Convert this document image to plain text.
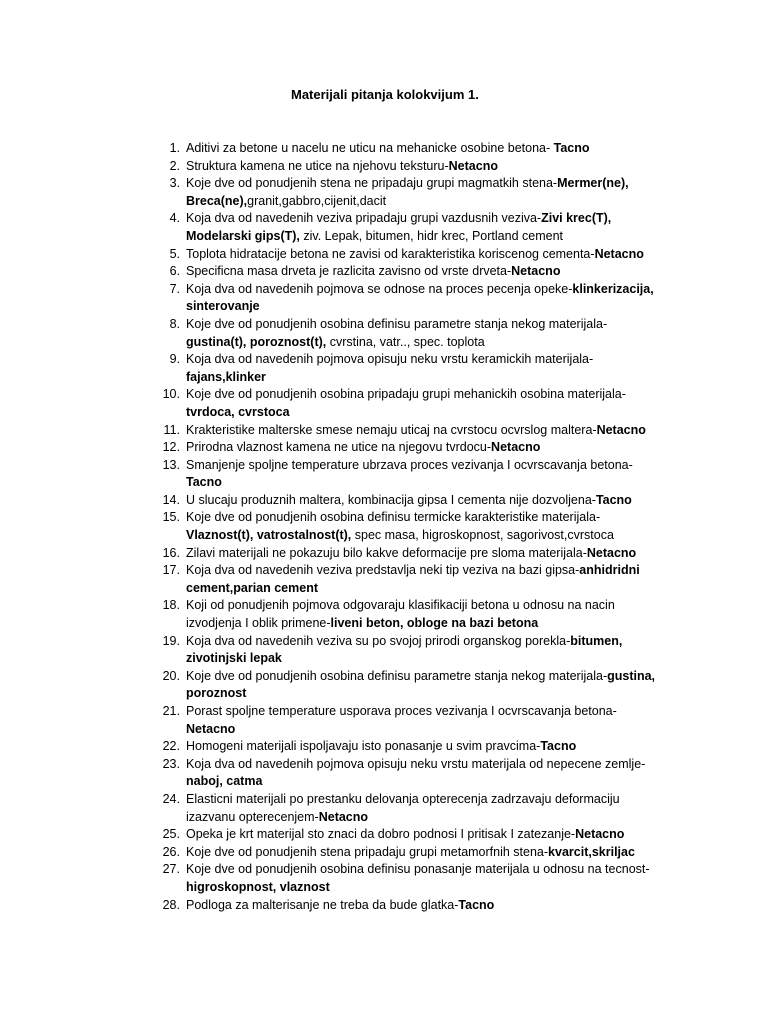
Materijali pitanja kolokvijum 1.
1. Aditivi za betone u nacelu ne uticu na mehanicke osobine betona- Tacno
2. Struktura kamena ne utice na njehovu teksturu-Netacno
3. Koje dve od ponudjenih stena ne pripadaju grupi magmatkih stena-Mermer(ne),
Breca(ne),granit,gabbro,cijenit,dacit
4. Koja dva od navedenih veziva pripadaju grupi vazdusnih veziva-Zivi krec(T),
Modelarski gips(T), ziv. Lepak, bitumen, hidr krec, Portland cement
5. Toplota hidratacije betona ne zavisi od karakteristika koriscenog cementa-Netacno
6. Specificna masa drveta je razlicita zavisno od vrste drveta-Netacno
7. Koja dva od navedenih pojmova se odnose na proces pecenja opeke-klinkerizacija,
sinterovanje
8. Koje dve od ponudjenih osobina definisu parametre stanja nekog materijala-
gustina(t), poroznost(t), cvrstina, vatr.., spec. toplota
9. Koja dva od navedenih pojmova opisuju neku vrstu keramickih materijala-
fajans,klinker
10. Koje dve od ponudjenih osobina pripadaju grupi mehanickih osobina materijala-
tvrdoca, cvrstoca
11. Krakteristike malterske smese nemaju uticaj na cvrstocu ocvrslog maltera-Netacno
12. Prirodna vlaznost kamena ne utice na njegovu tvrdocu-Netacno
13. Smanjenje spoljne temperature ubrzava proces vezivanja I ocvrscavanja betona-
Tacno
14. U slucaju produznih maltera, kombinacija gipsa I cementa nije dozvoljena-Tacno
15. Koje dve od ponudjenih osobina definisu termicke karakteristike materijala-
Vlaznost(t), vatrostalnost(t), spec masa, higroskopnost, sagorivost,cvrstoca
16. Zilavi materijali ne pokazuju bilo kakve deformacije pre sloma materijala-Netacno
17. Koja dva od navedenih veziva predstavlja neki tip veziva na bazi gipsa-anhidridni
cement,parian cement
18. Koji od ponudjenih pojmova odgovaraju klasifikaciji betona u odnosu na nacin
izvodjenja I oblik primene-liveni beton, obloge na bazi betona
19. Koja dva od navedenih veziva su po svojoj prirodi organskog porekla-bitumen,
zivotinjski lepak
20. Koje dve od ponudjenih osobina definisu parametre stanja nekog materijala-gustina,
poroznost
21. Porast spoljne temperature usporava proces vezivanja I ocvrscavanja betona-
Netacno
22. Homogeni materijali ispoljavaju isto ponasanje u svim pravcima-Tacno
23. Koja dva od navedenih pojmova opisuju neku vrstu materijala od nepecene zemlje-
naboj, catma
24. Elasticni materijali po prestanku delovanja opterecenja zadrzavaju deformaciju
izazvanu opterecenjem-Netacno
25. Opeka je krt materijal sto znaci da dobro podnosi I pritisak I zatezanje-Netacno
26. Koje dve od ponudjenih stena pripadaju grupi metamorfnih stena-kvarcit,skriljac
27. Koje dve od ponudjenih osobina definisu ponasanje materijala u odnosu na tecnost-
higroskopnost, vlaznost
28. Podloga za malterisanje ne treba da bude glatka-Tacno
